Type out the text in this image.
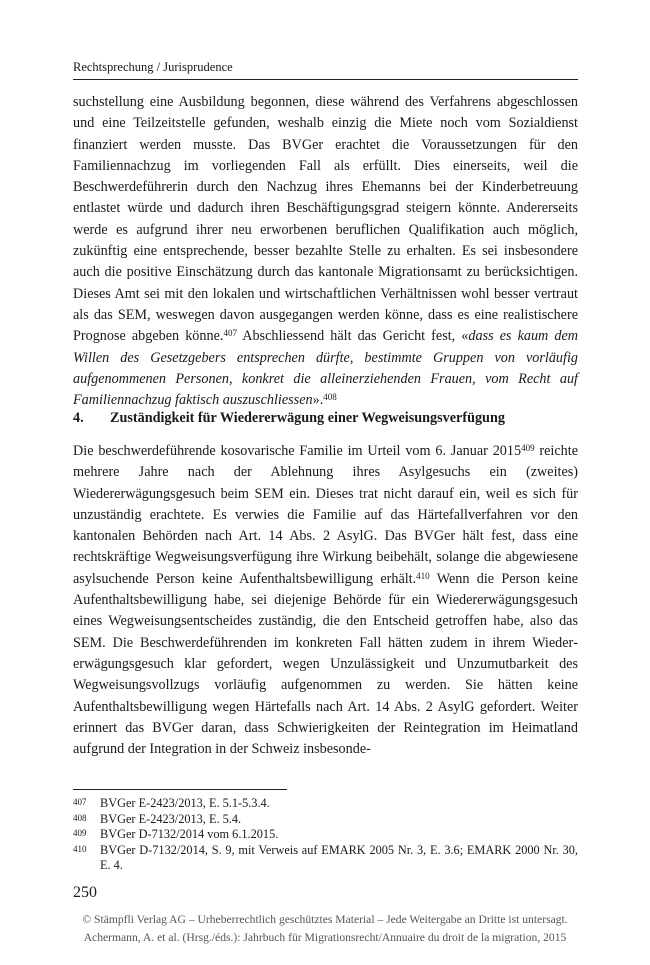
Rechtsprechung / Jurisprudence

suchstellung eine Ausbildung begonnen, diese während des Verfahrens abgeschlossen und eine Teilzeitstelle gefunden, weshalb einzig die Miete noch vom Sozialdienst finanziert werden musste. Das BVGer erachtet die Voraussetzungen für den Familiennachzug im vorliegenden Fall als erfüllt. Dies einerseits, weil die Beschwerdeführerin durch den Nachzug ihres Ehemanns bei der Kinderbetreuung entlastet würde und dadurch ihren Beschäftigungsgrad steigern könnte. Andererseits werde es aufgrund ihrer neu erworbenen beruflichen Qualifikation auch möglich, zukünftig eine entsprechende, besser bezahlte Stelle zu erhalten. Es sei insbesondere auch die positive Einschätzung durch das kantonale Migrationsamt zu berücksichtigen. Dieses Amt sei mit den lokalen und wirtschaftlichen Verhältnissen wohl besser vertraut als das SEM, weswegen davon ausgegangen werden könne, dass es eine realistischere Prognose abgeben könne.$^{407}$ Abschliessend hält das Gericht fest, «dass es kaum dem Willen des Gesetzgebers entsprechen dürfte, bestimmte Gruppen von vorläufig aufgenommenen Personen, konkret die alleinerziehenden Frauen, vom Recht auf Familiennachzug faktisch auszuschliessen».$^{408}$

4. Zuständigkeit für Wiedererwägung einer Wegweisungsverfügung

Die beschwerdeführende kosovarische Familie im Urteil vom 6. Januar 2015$^{409}$ reichte mehrere Jahre nach der Ablehnung ihres Asylgesuchs ein (zweites) Wiedererwägungsgesuch beim SEM ein. Dieses trat nicht darauf ein, weil es sich für unzuständig erachtete. Es verwies die Familie auf das Härtefallverfahren vor den kantonalen Behörden nach Art. 14 Abs. 2 AsylG. Das BVGer hält fest, dass eine rechtskräftige Wegweisungsverfügung ihre Wirkung beibehält, solange die abgewiesene asylsuchende Person keine Aufenthaltsbewilligung erhält.$^{410}$ Wenn die Person keine Aufenthaltsbewilligung habe, sei diejenige Behörde für ein Wiedererwägungsgesuch eines Wegweisungsentscheides zuständig, die den Entscheid getroffen habe, also das SEM. Die Beschwerdeführenden im konkreten Fall hätten zudem in ihrem Wiedererwägungsgesuch klar gefordert, wegen Unzulässigkeit und Unzumutbarkeit des Wegweisungsvollzugs vorläufig aufgenommen zu werden. Sie hätten keine Aufenthaltsbewilligung wegen Härtefalls nach Art. 14 Abs. 2 AsylG gefordert. Weiter erinnert das BVGer daran, dass Schwierigkeiten der Reintegration im Heimatland aufgrund der Integration in der Schweiz insbesonde-

407	BVGer E-2423/2013, E. 5.1-5.3.4.
408	BVGer E-2423/2013, E. 5.4.
409	BVGer D-7132/2014 vom 6.1.2015.
410	BVGer D-7132/2014, S. 9, mit Verweis auf EMARK 2005 Nr. 3, E. 3.6; EMARK 2000 Nr. 30, E. 4.
250
© Stämpfli Verlag AG – Urheberrechtlich geschütztes Material – Jede Weitergabe an Dritte ist untersagt.
Achermann, A. et al. (Hrsg./éds.): Jahrbuch für Migrationsrecht/Annuaire du droit de la migration, 2015
